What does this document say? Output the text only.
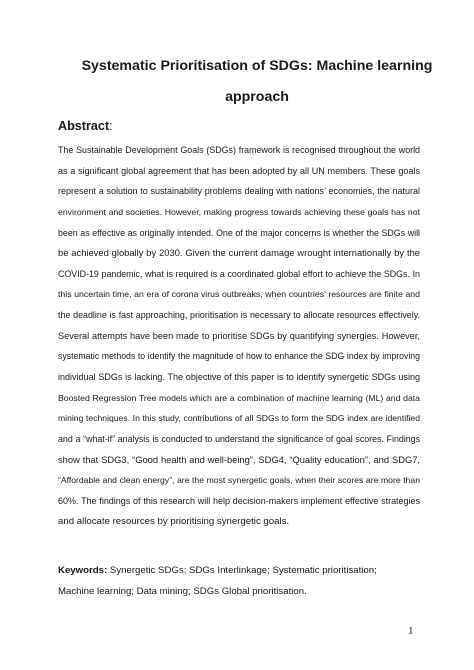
Systematic Prioritisation of SDGs: Machine learning
approach
Abstract:
The Sustainable Development Goals (SDGs) framework is recognised throughout the world
as a significant global agreement that has been adopted by all UN members. These goals
represent a solution to sustainability problems dealing with nations’ economies, the natural
environment and societies. However, making progress towards achieving these goals has not
been as effective as originally intended. One of the major concerns is whether the SDGs will
be achieved globally by 2030. Given the current damage wrought internationally by the
COVID-19 pandemic, what is required is a coordinated global effort to achieve the SDGs. In
this uncertain time, an era of corona virus outbreaks, when countries’ resources are finite and
the deadline is fast approaching, prioritisation is necessary to allocate resources effectively.
Several attempts have been made to prioritise SDGs by quantifying synergies. However,
systematic methods to identify the magnitude of how to enhance the SDG index by improving
individual SDGs is lacking. The objective of this paper is to identify synergetic SDGs using
Boosted Regression Tree models which are a combination of machine learning (ML) and data
mining techniques. In this study, contributions of all SDGs to form the SDG index are identified
and a “what-if” analysis is conducted to understand the significance of goal scores. Findings
show that SDG3, “Good health and well-being”, SDG4, “Quality education”, and SDG7,
“Affordable and clean energy”, are the most synergetic goals, when their scores are more than
60%. The findings of this research will help decision-makers implement effective strategies
and allocate resources by prioritising synergetic goals.

Keywords: Synergetic SDGs; SDGs Interlinkage; Systematic prioritisation; Machine learning; Data mining; SDGs Global prioritisation.

1
